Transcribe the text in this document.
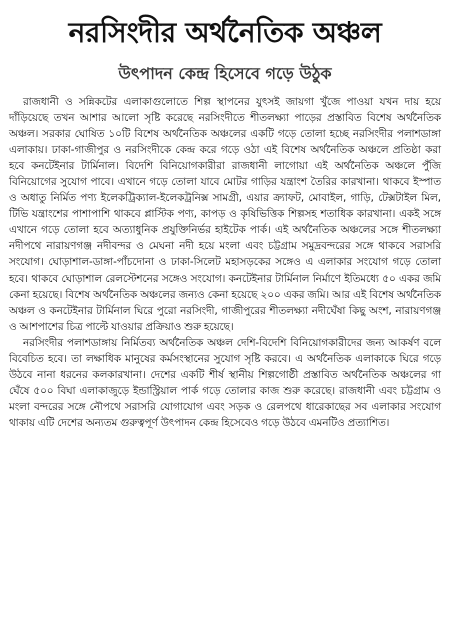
নরসিংদীর অর্থনৈতিক অঞ্চল
উৎপাদন কেন্দ্র হিসেবে গড়ে উঠুক

রাজধানী ও সন্নিকটের এলাকাগুলোতে শিল্প স্থাপনের যুৎসই জায়গা খুঁজে পাওয়া যখন দায় হয়ে দাঁড়িয়েছে তখন আশার আলো সৃষ্টি করেছে নরসিংদীতে শীতলক্ষ্যা পাড়ের প্রস্তাবিত বিশেষ অর্থনৈতিক অঞ্চল। সরকার ঘোষিত ১০টি বিশেষ অর্থনৈতিক অঞ্চলের একটি গড়ে তোলা হচ্ছে নরসিংদীর পলাশডাঙ্গা এলাকায়। ঢাকা-গাজীপুর ও নরসিংদীকে কেন্দ্র করে গড়ে ওঠা এই বিশেষ অর্থনৈতিক অঞ্চলে প্রতিষ্ঠা করা হবে কনটেইনার টার্মিনাল। বিদেশি বিনিয়োগকারীরা রাজধানী লাগোয়া এই অর্থনৈতিক অঞ্চলে পুঁজি বিনিয়োগের সুযোগ পাবে। এখানে গড়ে তোলা যাবে মোটর গাড়ির যন্ত্রাংশ তৈরির কারখানা। থাকবে ইস্পাত ও অধাতু নির্মিত পণ্য ইলেকট্রিক্যাল-ইলেকট্রনিক্স সামগ্রী, এয়ার ক্র্যাফট, মোবাইল, গাড়ি, টেক্সটাইল মিল, টিভি যন্ত্রাংশের পাশাপাশি থাকবে প্লাস্টিক পণ্য, কাপড় ও কৃষিভিত্তিক শিল্পসহ শতাধিক কারখানা। একই সঙ্গে এখানে গড়ে তোলা হবে অত্যাধুনিক প্রযুক্তিনির্ভর হাইটেক পার্ক। এই অর্থনৈতিক অঞ্চলের সঙ্গে শীতলক্ষ্যা নদীপথে নারায়ণগঞ্জ নদীবন্দর ও মেঘনা নদী হয়ে মংলা এবং চট্টগ্রাম সমুদ্রবন্দরের সঙ্গে থাকবে সরাসরি সংযোগ। ঘোড়াশাল-ডাঙ্গা-পাঁচদোনা ও ঢাকা-সিলেট মহাসড়কের সঙ্গেও এ এলাকার সংযোগ গড়ে তোলা হবে। থাকবে ঘোড়াশাল রেলস্টেশনের সঙ্গেও সংযোগ। কনটেইনার টার্মিনাল নির্মাণে ইতিমধ্যে ৫০ একর জমি কেনা হয়েছে। বিশেষ অর্থনৈতিক অঞ্চলের জন্যও কেনা হয়েছে ২০০ একর জমি। আর এই বিশেষ অর্থনৈতিক অঞ্চল ও কনটেইনার টার্মিনাল ঘিরে পুরো নরসিংদী, গাজীপুরের শীতলক্ষ্যা নদীঘেঁষা কিছু অংশ, নারায়ণগঞ্জ ও আশপাশের চিত্র পাল্টে যাওয়ার প্রক্রিয়াও শুরু হয়েছে।

নরসিংদীর পলাশডাঙ্গায় নির্মিতব্য অর্থনৈতিক অঞ্চল দেশি-বিদেশি বিনিয়োগকারীদের জন্য আকর্ষণ বলে বিবেচিত হবে। তা লক্ষাধিক মানুষের কর্মসংস্থানের সুযোগ সৃষ্টি করবে। এ অর্থনৈতিক এলাকাকে ঘিরে গড়ে উঠবে নানা ধরনের কলকারখানা। দেশের একটি শীর্ষ স্থানীয় শিল্পগোষ্ঠী প্রস্তাবিত অর্থনৈতিক অঞ্চলের গা ঘেঁষে ৫০০ বিঘা এলাকাজুড়ে ইন্ডাস্ট্রিয়াল পার্ক গড়ে তোলার কাজ শুরু করেছে। রাজধানী এবং চট্টগ্রাম ও মংলা বন্দরের সঙ্গে নৌপথে সরাসরি যোগাযোগ এবং সড়ক ও রেলপথে ধারেকাছের সব এলাকার সংযোগ থাকায় এটি দেশের অন্যতম গুরুত্বপূর্ণ উৎপাদন কেন্দ্র হিসেবেও গড়ে উঠবে এমনটিও প্রত্যাশিত।
